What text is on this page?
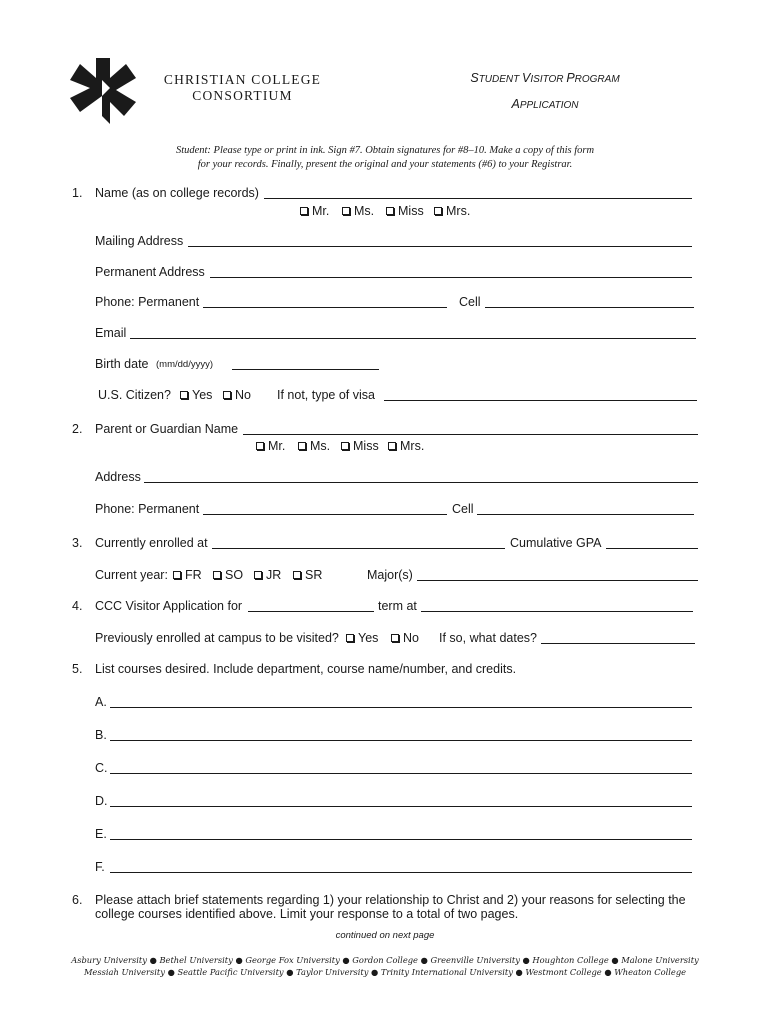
CHRISTIAN COLLEGE
CONSORTIUM
STUDENT VISITOR PROGRAM
APPLICATION
Student: Please type or print in ink. Sign #7. Obtain signatures for #8–10. Make a copy of this form
for your records. Finally, present the original and your statements (#6) to your Registrar.
1. Name (as on college records)
Mr.	Ms.	Miss	Mrs.
Mailing Address
Permanent Address
Phone: Permanent	Cell
Email
Birth date (mm/dd/yyyy)
U.S. Citizen?	Yes	No If not, type of visa
2. Parent or Guardian Name
Mr.	Ms.	Miss	Mrs.
Address
Phone: Permanent	Cell
3. Currently enrolled at	Cumulative GPA
Current year:	FR	SO	JR	SR	Major(s)
4. CCC Visitor Application for	term at
Previously enrolled at campus to be visited?	Yes	No If so, what dates?
5. List courses desired. Include department, course name/number, and credits.
A.
B.
C.
D.
E.
F.
6. Please attach brief statements regarding 1) your relationship to Christ and 2) your reasons for selecting the college courses identified above. Limit your response to a total of two pages.
continued on next page
Asbury University ● Bethel University ● George Fox University ● Gordon College ● Greenville University ● Houghton College ● Malone University
Messiah University ● Seattle Pacific University ● Taylor University ● Trinity International University ● Westmont College ● Wheaton College
